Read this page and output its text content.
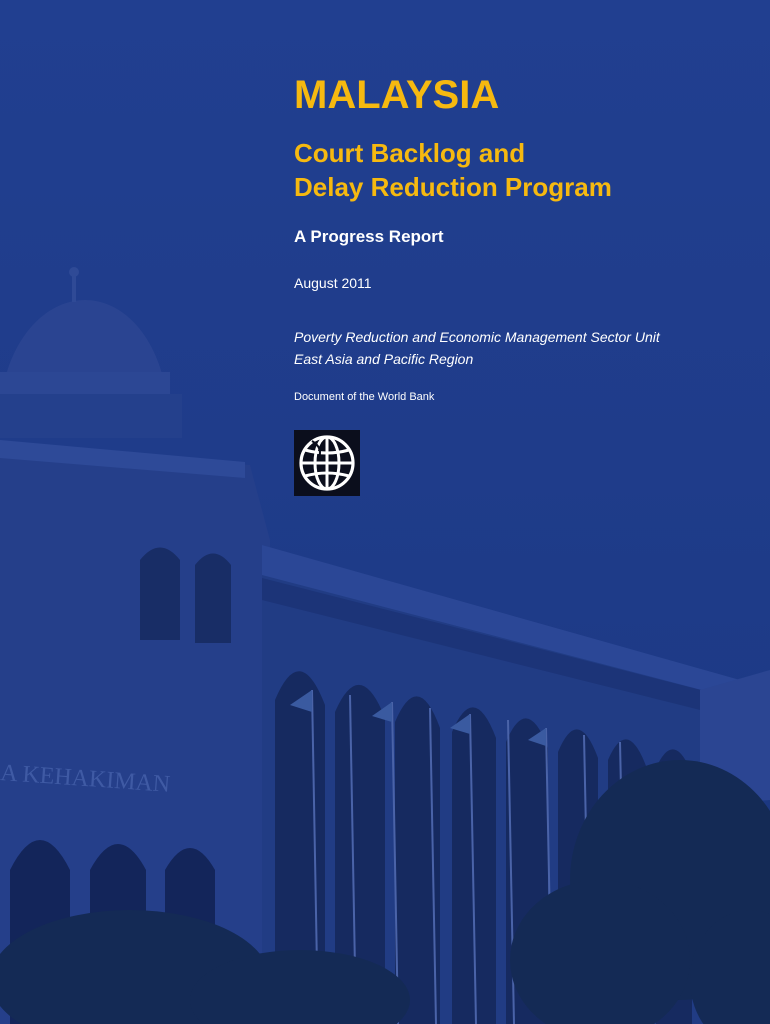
A KEHAKIMAN
MALAYSIA
Court Backlog and
Delay Reduction Program
A Progress Report
August 2011
Poverty Reduction and Economic Management Sector Unit
East Asia and Pacific Region
Document of the World Bank
